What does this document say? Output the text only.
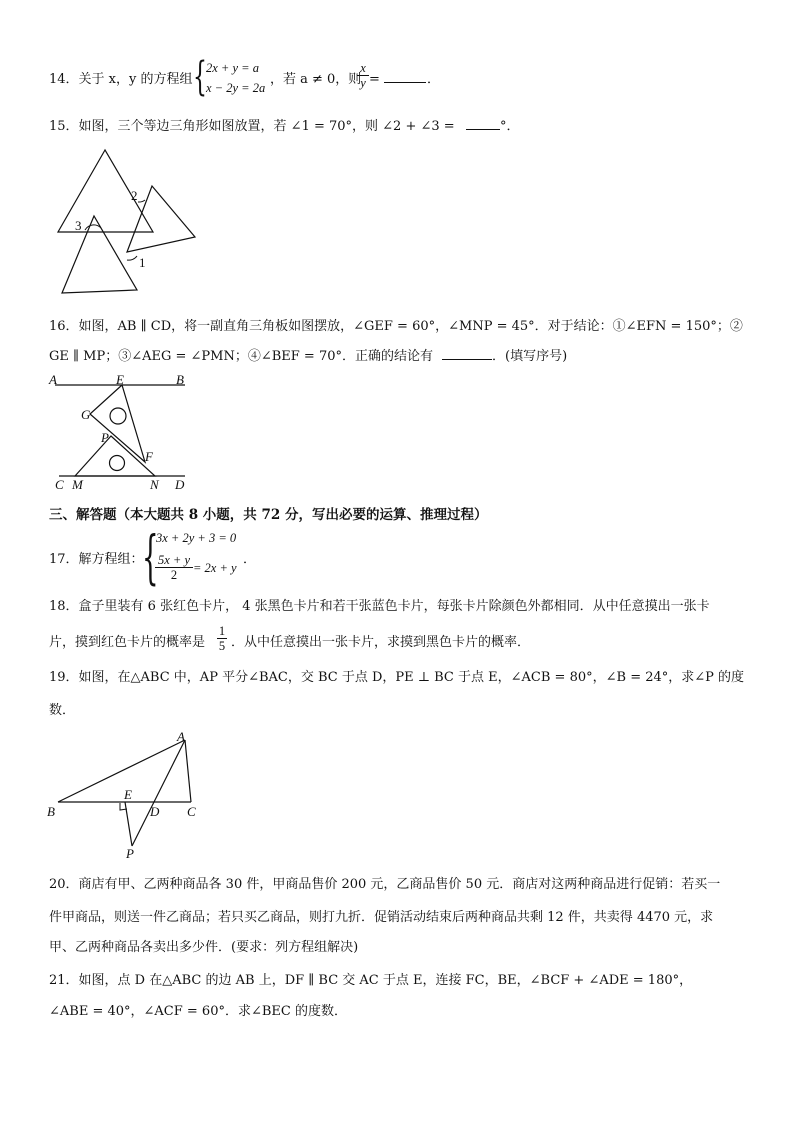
14．关于 x，y 的方程组 { 2x + y = a
x − 2y = 2a
，若 a ≠ 0，则
$\frac{x}{y}$ =	．
15．如图，三个等边三角形如图放置，若 ∠1 = 70°，则 ∠2 + ∠3 =	°．
1
2
3
16．如图，AB ∥ CD，将一副直角三角板如图摆放，∠GEF = 60°，∠MNP = 45°．对于结论：①∠EFN = 150°；②
GE ∥ MP；③∠AEG = ∠PMN；④∠BEF = 70°．正确的结论有	．(填写序号)
A	E	B
G
P
F
C M	N D
三、解答题（本大题共 8 小题，共 72 分，写出必要的运算、推理过程）
17．解方程组：
{
3x + 2y + 3 = 0
$\frac{5x + y}{2} = 2x + y$
．
18．盒子里装有 6 张红色卡片， 4 张黑色卡片和若干张蓝色卡片，每张卡片除颜色外都相同．从中任意摸出一张卡
片，摸到红色卡片的概率是 $\frac{1}{5}$ ．从中任意摸出一张卡片，求摸到黑色卡片的概率．
19．如图，在△ABC 中，AP 平分∠BAC，交 BC 于点 D，PE ⊥ BC 于点 E，∠ACB = 80°，∠B = 24°，求∠P 的度
数．
A
B
E
D C
P
20．商店有甲、乙两种商品各 30 件，甲商品售价 200 元，乙商品售价 50 元．商店对这两种商品进行促销：若买一
件甲商品，则送一件乙商品；若只买乙商品，则打九折．促销活动结束后两种商品共剩 12 件，共卖得 4470 元，求
甲、乙两种商品各卖出多少件．(要求：列方程组解决)
21．如图，点 D 在△ABC 的边 AB 上，DF ∥ BC 交 AC 于点 E，连接 FC，BE，∠BCF + ∠ADE = 180°，
∠ABE = 40°，∠ACF = 60°．求∠BEC 的度数．
